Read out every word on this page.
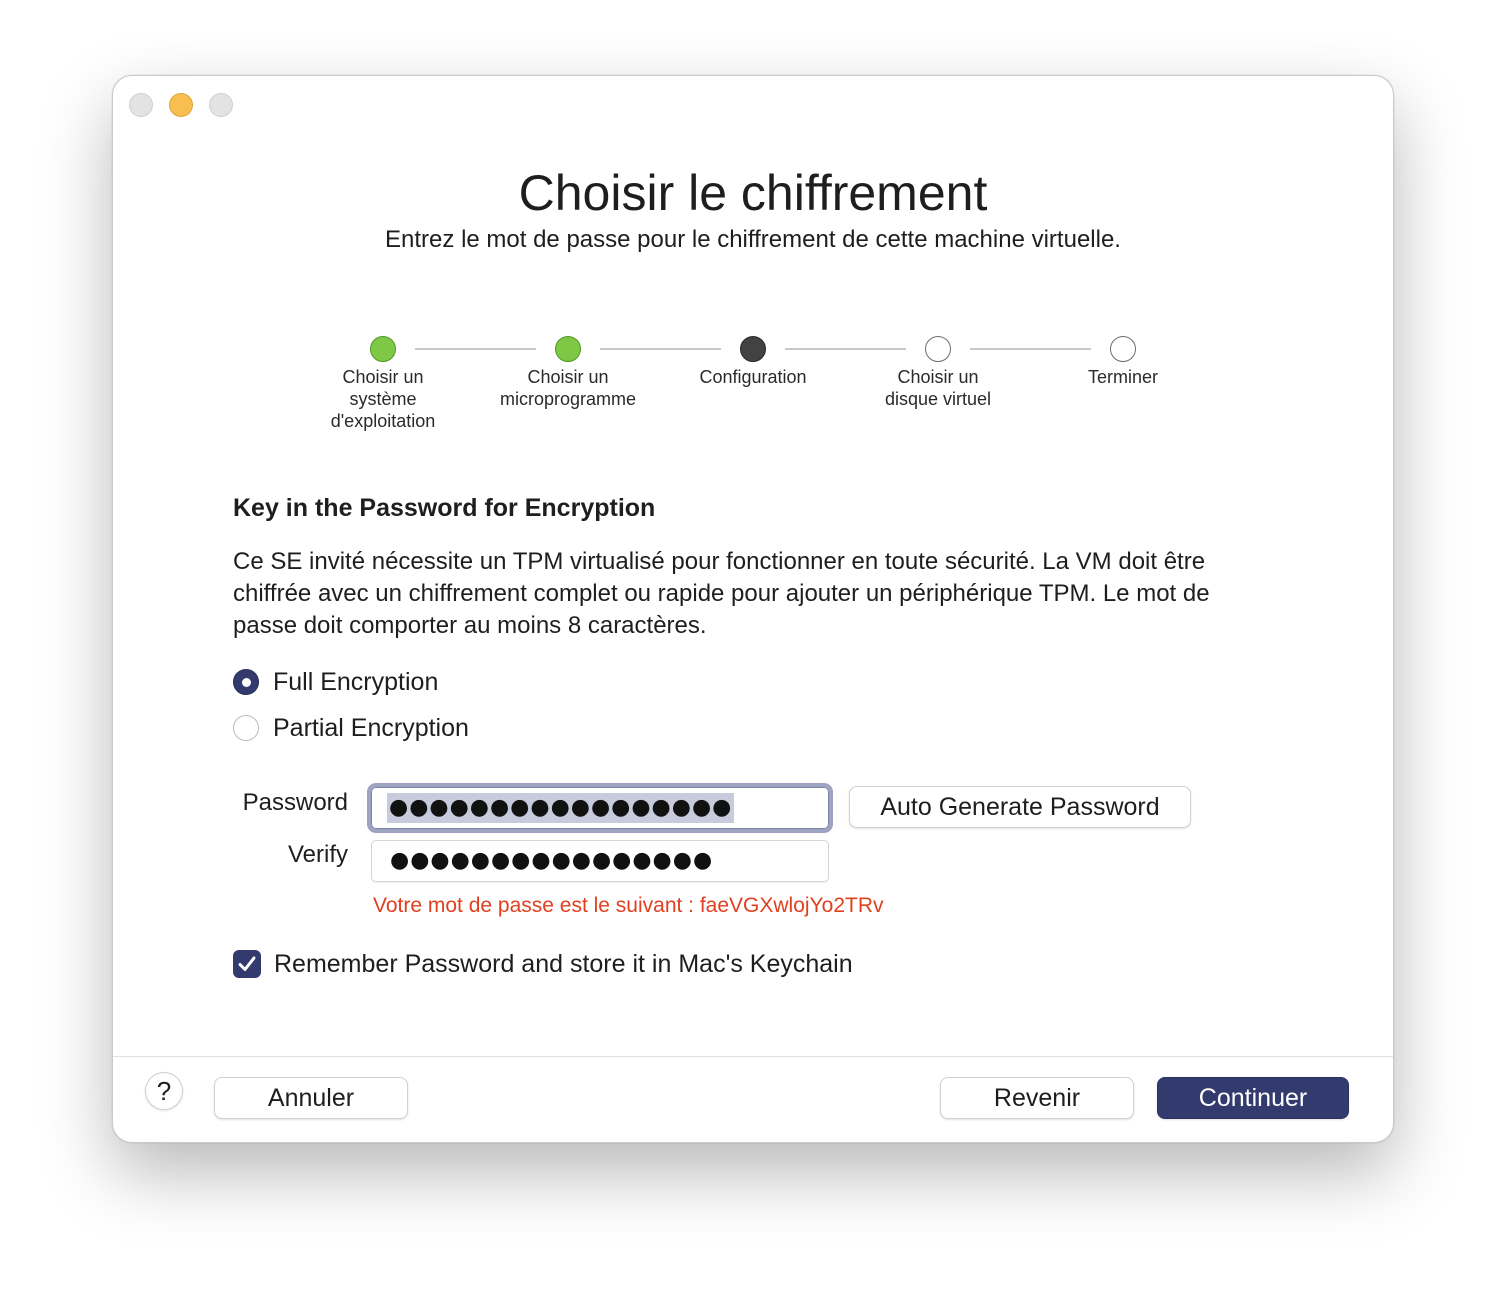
Choisir le chiffrement
Entrez le mot de passe pour le chiffrement de cette machine virtuelle.
Choisir un
système
d'exploitation
Choisir un
microprogramme
Configuration	Choisir un
disque virtuel
Terminer
Key in the Password for Encryption
Ce SE invité nécessite un TPM virtualisé pour fonctionner en toute sécurité. La VM doit être chiffrée avec un chiffrement complet ou rapide pour ajouter un périphérique TPM. Le mot de passe doit comporter au moins 8 caractères.
Full Encryption
Partial Encryption
Password	●●●●●●●●●●●●●●●●●	Auto Generate Password
Verify	●●●●●●●●●●●●●●●●
Votre mot de passe est le suivant : faeVGXwlojYo2TRv
Remember Password and store it in Mac's Keychain
?	Annuler	Revenir	Continuer
